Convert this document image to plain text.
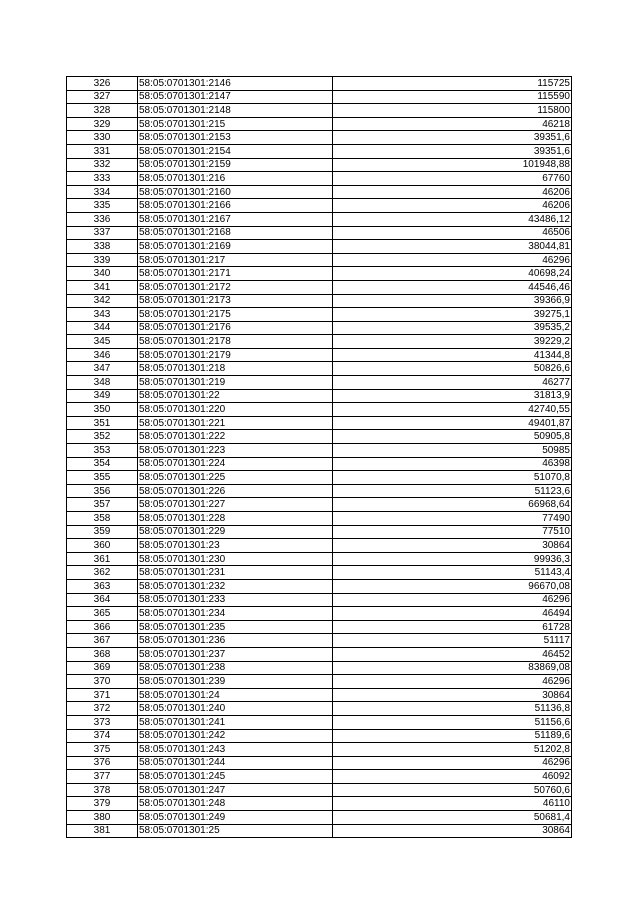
326	58:05:0701301:2146	115725
327	58:05:0701301:2147	115590
328	58:05:0701301:2148	115800
329	58:05:0701301:215	46218
330	58:05:0701301:2153	39351,6
331	58:05:0701301:2154	39351,6
332	58:05:0701301:2159	101948,88
333	58:05:0701301:216	67760
334	58:05:0701301:2160	46206
335	58:05:0701301:2166	46206
336	58:05:0701301:2167	43486,12
337	58:05:0701301:2168	46506
338	58:05:0701301:2169	38044,81
339	58:05:0701301:217	46296
340	58:05:0701301:2171	40698,24
341	58:05:0701301:2172	44546,46
342	58:05:0701301:2173	39366,9
343	58:05:0701301:2175	39275,1
344	58:05:0701301:2176	39535,2
345	58:05:0701301:2178	39229,2
346	58:05:0701301:2179	41344,8
347	58:05:0701301:218	50826,6
348	58:05:0701301:219	46277
349	58:05:0701301:22	31813,9
350	58:05:0701301:220	42740,55
351	58:05:0701301:221	49401,87
352	58:05:0701301:222	50905,8
353	58:05:0701301:223	50985
354	58:05:0701301:224	46398
355	58:05:0701301:225	51070,8
356	58:05:0701301:226	51123,6
357	58:05:0701301:227	66968,64
358	58:05:0701301:228	77490
359	58:05:0701301:229	77510
360	58:05:0701301:23	30864
361	58:05:0701301:230	99936,3
362	58:05:0701301:231	51143,4
363	58:05:0701301:232	96670,08
364	58:05:0701301:233	46296
365	58:05:0701301:234	46494
366	58:05:0701301:235	61728
367	58:05:0701301:236	51117
368	58:05:0701301:237	46452
369	58:05:0701301:238	83869,08
370	58:05:0701301:239	46296
371	58:05:0701301:24	30864
372	58:05:0701301:240	51136,8
373	58:05:0701301:241	51156,6
374	58:05:0701301:242	51189,6
375	58:05:0701301:243	51202,8
376	58:05:0701301:244	46296
377	58:05:0701301:245	46092
378	58:05:0701301:247	50760,6
379	58:05:0701301:248	46110
380	58:05:0701301:249	50681,4
381	58:05:0701301:25	30864
